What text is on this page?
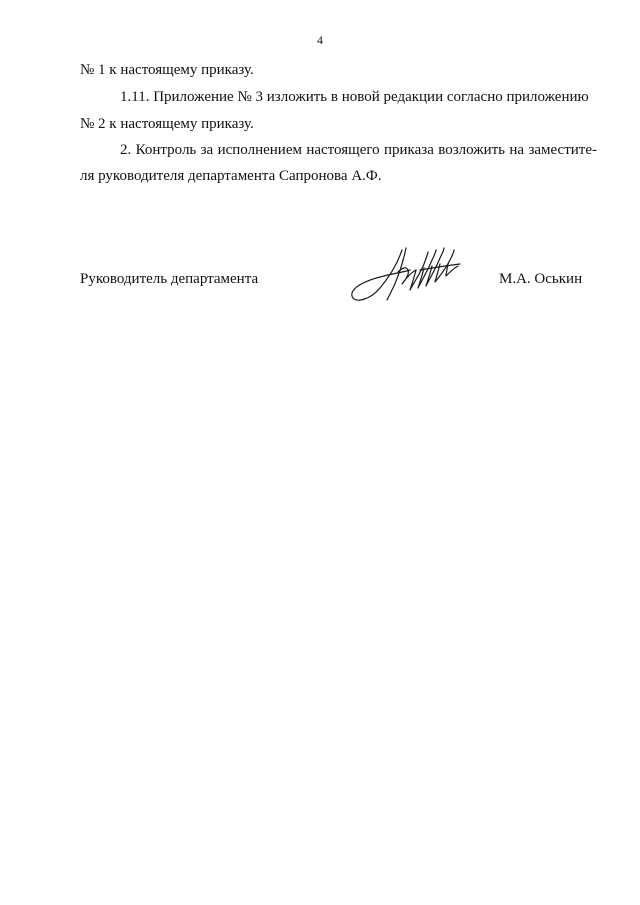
4
№ 1 к настоящему приказу.
1.11. Приложение № 3 изложить в новой редакции согласно приложению
№ 2 к настоящему приказу.
2. Контроль за исполнением настоящего приказа возложить на заместите-
ля руководителя департамента Сапронова А.Ф.
Руководитель департамента	М.А. Оськин
